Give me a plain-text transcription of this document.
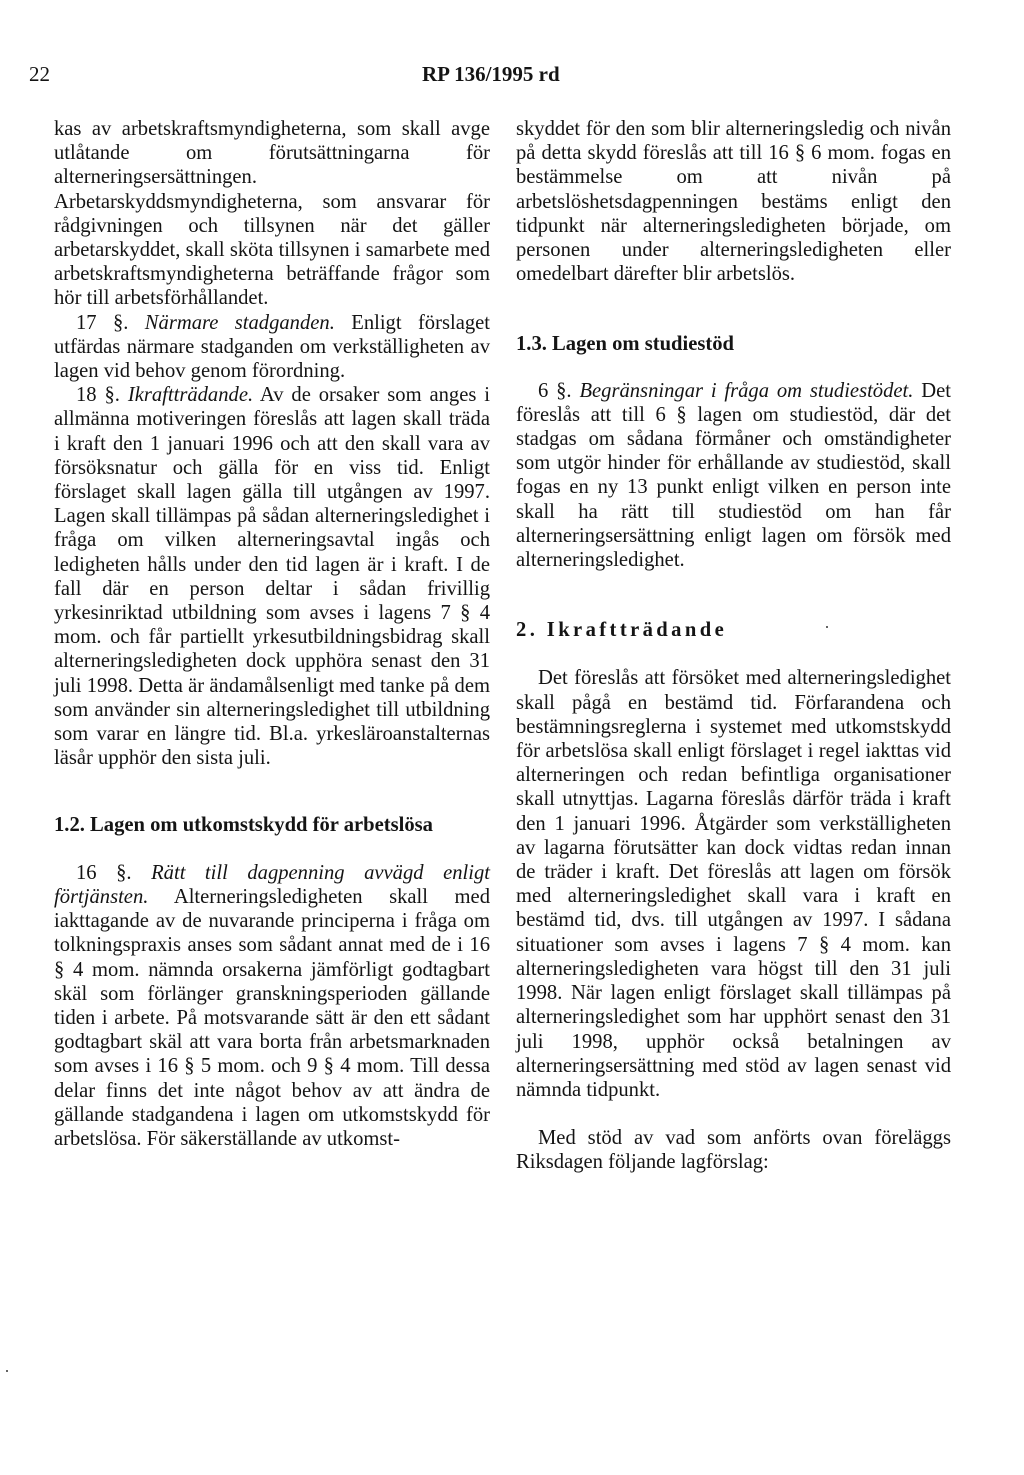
22	RP 136/1995 rd

kas av arbetskraftsmyndigheterna, som skall avge utlåtande om förutsättningarna för alterneringsersättningen. Arbetarskyddsmyndigheterna, som ansvarar för rådgivningen och tillsynen när det gäller arbetarskyddet, skall sköta tillsynen i samarbete med arbetskraftsmyndigheterna beträffande frågor som hör till arbetsförhållandet.

17 §. Närmare stadganden. Enligt förslaget utfärdas närmare stadganden om verkställigheten av lagen vid behov genom förordning.

18 §. Ikraftträdande. Av de orsaker som anges i allmänna motiveringen föreslås att lagen skall träda i kraft den 1 januari 1996 och att den skall vara av försöksnatur och gälla för en viss tid. Enligt förslaget skall lagen gälla till utgången av 1997. Lagen skall tillämpas på sådan alterneringsledighet i fråga om vilken alterneringsavtal ingås och ledigheten hålls under den tid lagen är i kraft. I de fall där en person deltar i sådan frivillig yrkesinriktad utbildning som avses i lagens 7 § 4 mom. och får partiellt yrkesutbildningsbidrag skall alterneringsledigheten dock upphöra senast den 31 juli 1998. Detta är ändamålsenligt med tanke på dem som använder sin alterneringsledighet till utbildning som varar en längre tid. Bl.a. yrkesläroanstalternas läsår upphör den sista juli.

1.2. Lagen om utkomstskydd för arbetslösa

16 §. Rätt till dagpenning avvägd enligt förtjänsten. Alterneringsledigheten skall med iakttagande av de nuvarande principerna i fråga om tolkningspraxis anses som sådant annat med de i 16 § 4 mom. nämnda orsakerna jämförligt godtagbart skäl som förlänger granskningsperioden gällande tiden i arbete. På motsvarande sätt är den ett sådant godtagbart skäl att vara borta från arbetsmarknaden som avses i 16 § 5 mom. och 9 § 4 mom. Till dessa delar finns det inte något behov av att ändra de gällande stadgandena i lagen om utkomstskydd för arbetslösa. För säkerställande av utkomst-

skyddet för den som blir alterneringsledig och nivån på detta skydd föreslås att till 16 § 6 mom. fogas en bestämmelse om att nivån på arbetslöshetsdagpenningen bestäms enligt den tidpunkt när alterneringsledigheten började, om personen under alterneringsledigheten eller omedelbart därefter blir arbetslös.

1.3. Lagen om studiestöd

6 §. Begränsningar i fråga om studiestödet. Det föreslås att till 6 § lagen om studiestöd, där det stadgas om sådana förmåner och omständigheter som utgör hinder för erhållande av studiestöd, skall fogas en ny 13 punkt enligt vilken en person inte skall ha rätt till studiestöd om han får alterneringsersättning enligt lagen om försök med alterneringsledighet.

2. Ikraftträdande

Det föreslås att försöket med alterneringsledighet skall pågå en bestämd tid. Förfarandena och bestämningsreglerna i systemet med utkomstskydd för arbetslösa skall enligt förslaget i regel iakttas vid alterneringen och redan befintliga organisationer skall utnyttjas. Lagarna föreslås därför träda i kraft den 1 januari 1996. Åtgärder som verkställigheten av lagarna förutsätter kan dock vidtas redan innan de träder i kraft. Det föreslås att lagen om försök med alterneringsledighet skall vara i kraft en bestämd tid, dvs. till utgången av 1997. I sådana situationer som avses i lagens 7 § 4 mom. kan alterneringsledigheten vara högst till den 31 juli 1998. När lagen enligt förslaget skall tillämpas på alterneringsledighet som har upphört senast den 31 juli 1998, upphör också betalningen av alterneringsersättning med stöd av lagen senast vid nämnda tidpunkt.

Med stöd av vad som anförts ovan föreläggs Riksdagen följande lagförslag:
